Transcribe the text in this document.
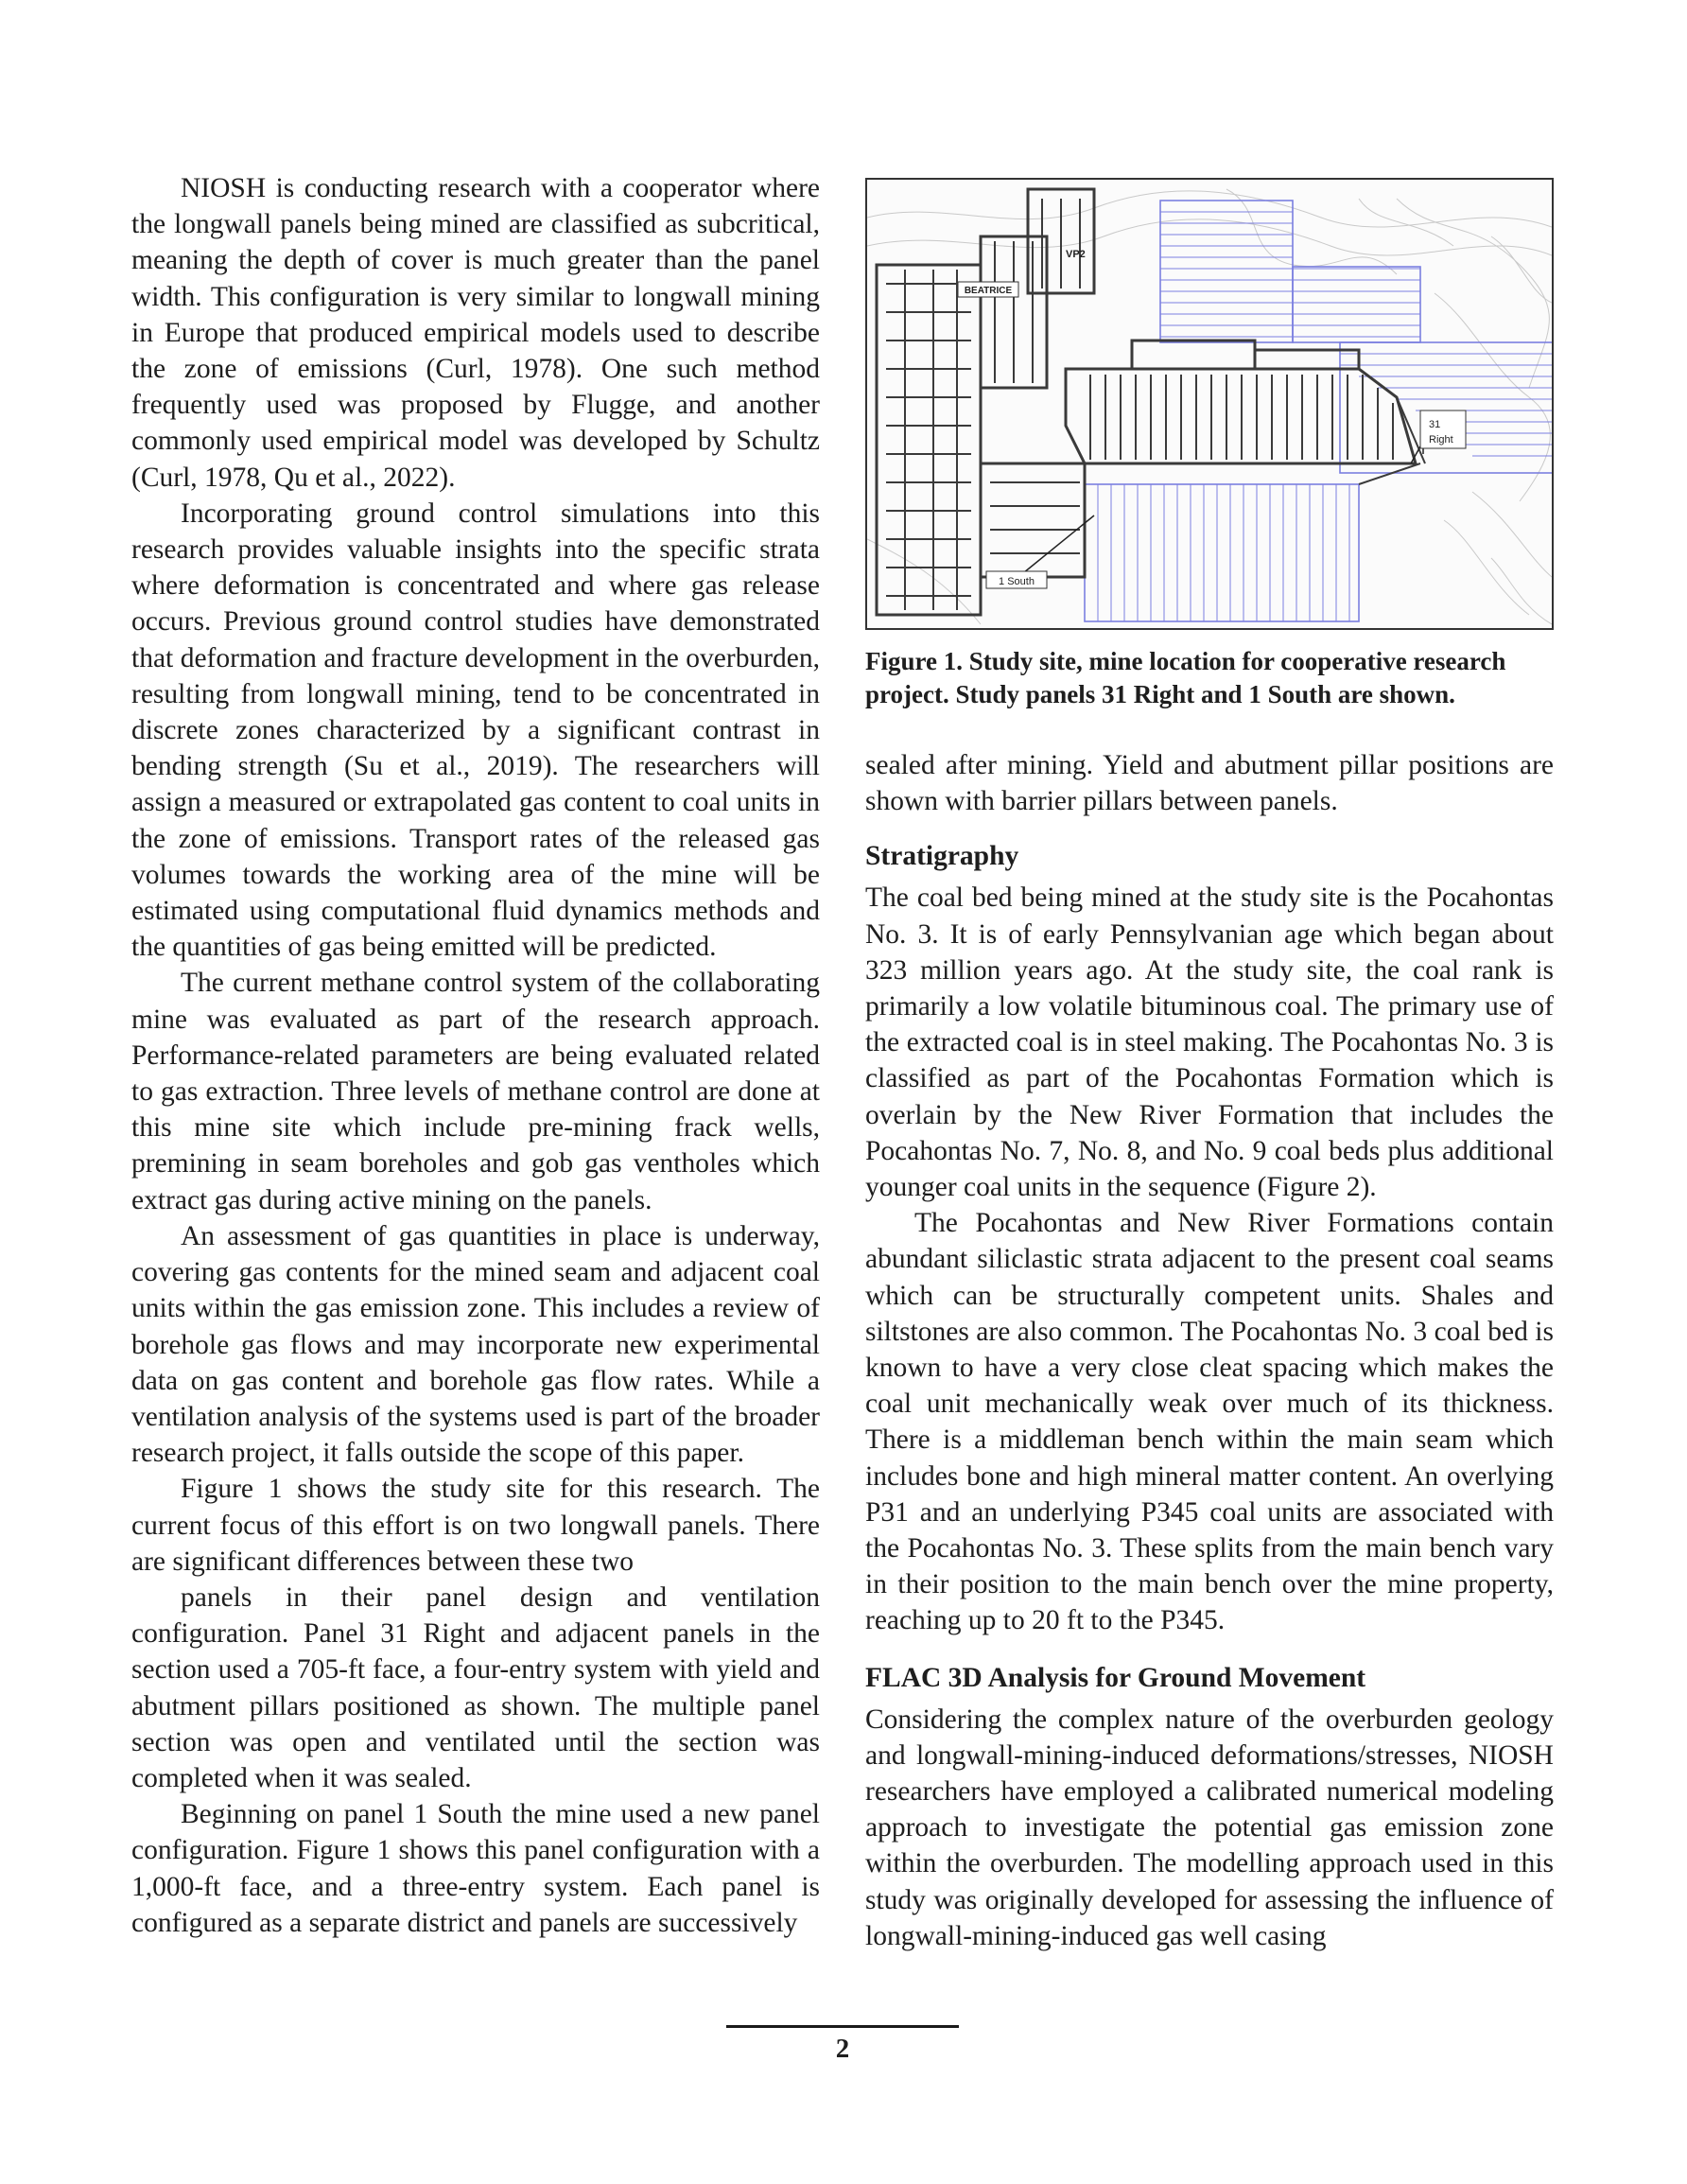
NIOSH is conducting research with a cooperator where the longwall panels being mined are classified as subcritical, meaning the depth of cover is much greater than the panel width. This configuration is very similar to longwall mining in Europe that produced empirical models used to describe the zone of emissions (Curl, 1978). One such method frequently used was proposed by Flugge, and another commonly used empirical model was developed by Schultz (Curl, 1978, Qu et al., 2022).

Incorporating ground control simulations into this research provides valuable insights into the specific strata where deformation is concentrated and where gas release occurs. Previous ground control studies have demonstrated that deformation and fracture development in the overburden, resulting from longwall mining, tend to be concentrated in discrete zones characterized by a significant contrast in bending strength (Su et al., 2019). The researchers will assign a measured or extrapolated gas content to coal units in the zone of emissions. Transport rates of the released gas volumes towards the working area of the mine will be estimated using computational fluid dynamics methods and the quantities of gas being emitted will be predicted.

The current methane control system of the collaborating mine was evaluated as part of the research approach. Performance-related parameters are being evaluated related to gas extraction. Three levels of methane control are done at this mine site which include pre-mining frack wells, premining in seam boreholes and gob gas ventholes which extract gas during active mining on the panels.

An assessment of gas quantities in place is underway, covering gas contents for the mined seam and adjacent coal units within the gas emission zone. This includes a review of borehole gas flows and may incorporate new experimental data on gas content and borehole gas flow rates. While a ventilation analysis of the systems used is part of the broader research project, it falls outside the scope of this paper.

Figure 1 shows the study site for this research. The current focus of this effort is on two longwall panels. There are significant differences between these two

panels in their panel design and ventilation configuration. Panel 31 Right and adjacent panels in the section used a 705-ft face, a four-entry system with yield and abutment pillars positioned as shown. The multiple panel section was open and ventilated until the section was completed when it was sealed.

Beginning on panel 1 South the mine used a new panel configuration. Figure 1 shows this panel configuration with a 1,000-ft face, and a three-entry system. Each panel is configured as a separate district and panels are successively

BEATRICE
VP2
31
Right
1 South
Figure 1. Study site, mine location for cooperative research project. Study panels 31 Right and 1 South are shown.

sealed after mining. Yield and abutment pillar positions are shown with barrier pillars between panels.

Stratigraphy

The coal bed being mined at the study site is the Pocahontas No. 3. It is of early Pennsylvanian age which began about 323 million years ago. At the study site, the coal rank is primarily a low volatile bituminous coal. The primary use of the extracted coal is in steel making. The Pocahontas No. 3 is classified as part of the Pocahontas Formation which is overlain by the New River Formation that includes the Pocahontas No. 7, No. 8, and No. 9 coal beds plus additional younger coal units in the sequence (Figure 2).

The Pocahontas and New River Formations contain abundant siliclastic strata adjacent to the present coal seams which can be structurally competent units. Shales and siltstones are also common. The Pocahontas No. 3 coal bed is known to have a very close cleat spacing which makes the coal unit mechanically weak over much of its thickness. There is a middleman bench within the main seam which includes bone and high mineral matter content. An overlying P31 and an underlying P345 coal units are associated with the Pocahontas No. 3. These splits from the main bench vary in their position to the main bench over the mine property, reaching up to 20 ft to the P345.

FLAC 3D Analysis for Ground Movement

Considering the complex nature of the overburden geology and longwall-mining-induced deformations/stresses, NIOSH researchers have employed a calibrated numerical modeling approach to investigate the potential gas emission zone within the overburden. The modelling approach used in this study was originally developed for assessing the influence of longwall-mining-induced gas well casing

2
